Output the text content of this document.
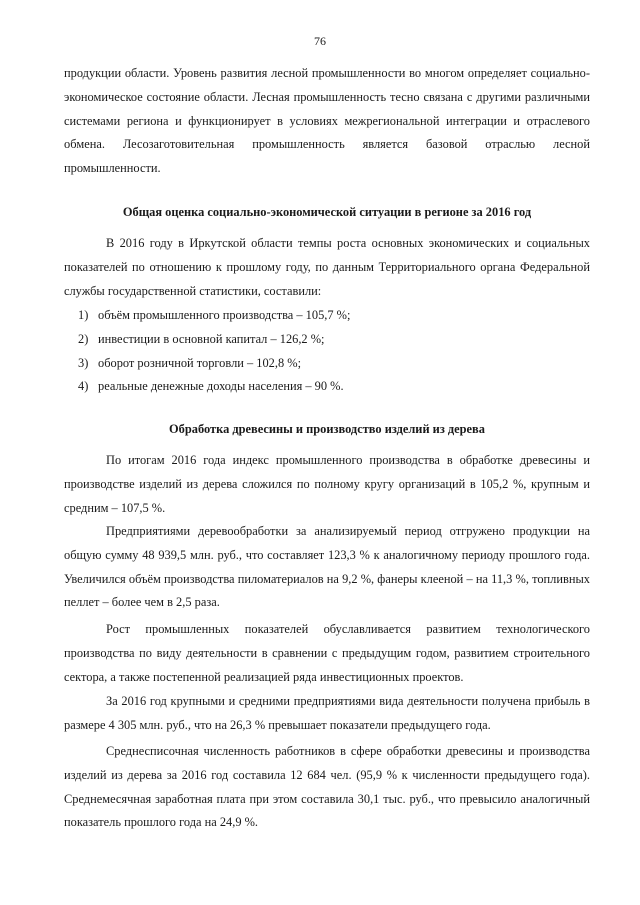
76

продукции области. Уровень развития лесной промышленности во многом определяет социально-экономическое состояние области. Лесная промышленность тесно связана с другими различными системами региона и функционирует в условиях межрегиональной интеграции и отраслевого обмена. Лесозаготовительная промышленность является базовой отраслью лесной промышленности.

Общая оценка социально-экономической ситуации в регионе за 2016 год

В 2016 году в Иркутской области темпы роста основных экономических и социальных показателей по отношению к прошлому году, по данным Территориального органа Федеральной службы государственной статистики, составили:

1) объём промышленного производства – 105,7 %;
2) инвестиции в основной капитал – 126,2 %;
3) оборот розничной торговли – 102,8 %;
4) реальные денежные доходы населения – 90 %.
Обработка древесины и производство изделий из дерева

По итогам 2016 года индекс промышленного производства в обработке древесины и производстве изделий из дерева сложился по полному кругу организаций в 105,2 %, крупным и средним – 107,5 %.

Предприятиями деревообработки за анализируемый период отгружено продукции на общую сумму 48 939,5 млн. руб., что составляет 123,3 % к аналогичному периоду прошлого года. Увеличился объём производства пиломатериалов на 9,2 %, фанеры клееной – на 11,3 %, топливных пеллет – более чем в 2,5 раза.

Рост промышленных показателей обуславливается развитием технологического производства по виду деятельности в сравнении с предыдущим годом, развитием строительного сектора, а также постепенной реализацией ряда инвестиционных проектов.

За 2016 год крупными и средними предприятиями вида деятельности получена прибыль в размере 4 305 млн. руб., что на 26,3 % превышает показатели предыдущего года.

Среднесписочная численность работников в сфере обработки древесины и производства изделий из дерева за 2016 год составила 12 684 чел. (95,9 % к численности предыдущего года). Среднемесячная заработная плата при этом составила 30,1 тыс. руб., что превысило аналогичный показатель прошлого года на 24,9 %.
